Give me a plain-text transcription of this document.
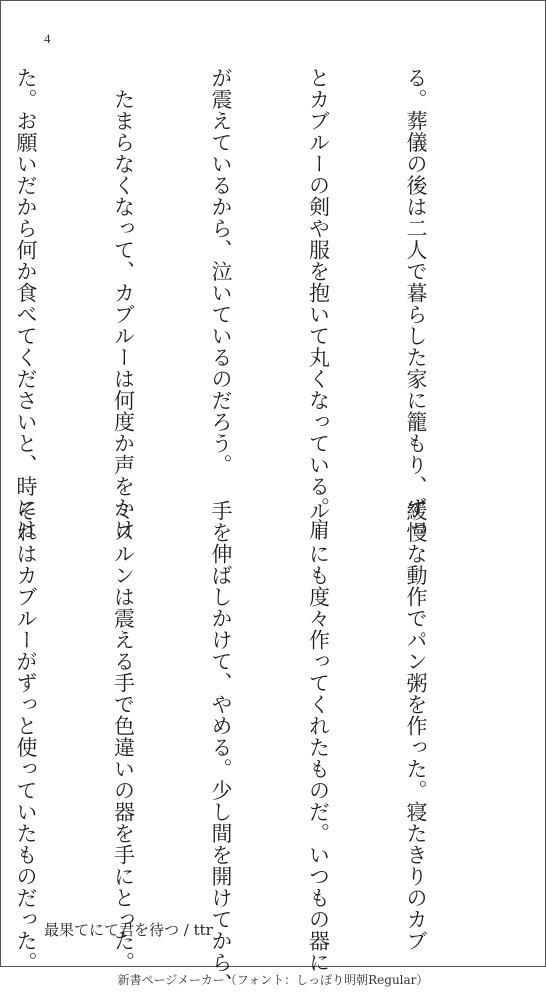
4

る。葬儀の後は二人で暮らした家に籠もり、ずっ

とカブルーの剣や服を抱いて丸くなっている。肩

が震えているから、泣いているのだろう。

　たまらなくなって、カブルーは何度か声をかけ

た。お願いだから何か食べてくださいと、時には

緩慢な動作でパン粥を作った。寝たきりのカブ

ルーにも度々作ってくれたものだ。いつもの器に

手を伸ばしかけて、やめる。少し間を開けてから、

ミスルンは震える手で色違いの器を手にとった。

それはカブルーがずっと使っていたものだった。

最果てにて君を待つ / ttr
新書ページメーカー（フォント：しっぽり明朝Regular）
